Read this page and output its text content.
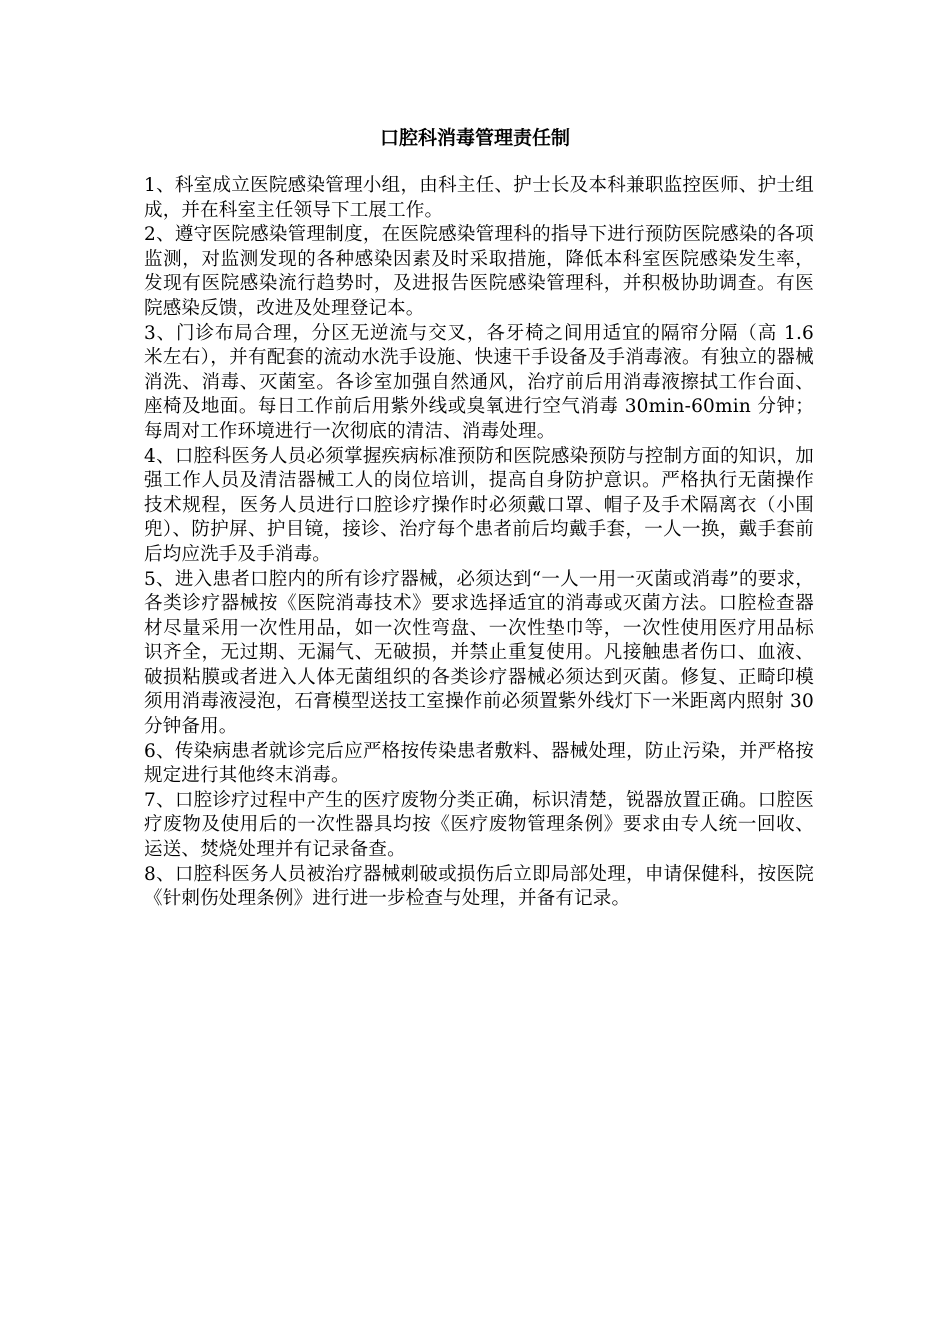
口腔科消毒管理责任制

1、科室成立医院感染管理小组，由科主任、护士长及本科兼职监控医师、护士组成，并在科室主任领导下工展工作。

2、遵守医院感染管理制度，在医院感染管理科的指导下进行预防医院感染的各项监测，对监测发现的各种感染因素及时采取措施，降低本科室医院感染发生率，发现有医院感染流行趋势时，及进报告医院感染管理科，并积极协助调查。有医院感染反馈，改进及处理登记本。

3、门诊布局合理，分区无逆流与交叉，各牙椅之间用适宜的隔帘分隔（高 1.6 米左右），并有配套的流动水洗手设施、快速干手设备及手消毒液。有独立的器械消洗、消毒、灭菌室。各诊室加强自然通风，治疗前后用消毒液擦拭工作台面、座椅及地面。每日工作前后用紫外线或臭氧进行空气消毒 30min-60min 分钟；每周对工作环境进行一次彻底的清洁、消毒处理。

4、口腔科医务人员必须掌握疾病标准预防和医院感染预防与控制方面的知识，加强工作人员及清洁器械工人的岗位培训，提高自身防护意识。严格执行无菌操作技术规程，医务人员进行口腔诊疗操作时必须戴口罩、帽子及手术隔离衣（小围兜）、防护屏、护目镜，接诊、治疗每个患者前后均戴手套，一人一换，戴手套前后均应洗手及手消毒。

5、进入患者口腔内的所有诊疗器械，必须达到“一人一用一灭菌或消毒”的要求，各类诊疗器械按《医院消毒技术》要求选择适宜的消毒或灭菌方法。口腔检查器材尽量采用一次性用品，如一次性弯盘、一次性垫巾等，一次性使用医疗用品标识齐全，无过期、无漏气、无破损，并禁止重复使用。凡接触患者伤口、血液、破损粘膜或者进入人体无菌组织的各类诊疗器械必须达到灭菌。修复、正畸印模须用消毒液浸泡，石膏模型送技工室操作前必须置紫外线灯下一米距离内照射 30 分钟备用。

6、传染病患者就诊完后应严格按传染患者敷料、器械处理，防止污染，并严格按规定进行其他终末消毒。

7、口腔诊疗过程中产生的医疗废物分类正确，标识清楚，锐器放置正确。口腔医疗废物及使用后的一次性器具均按《医疗废物管理条例》要求由专人统一回收、运送、焚烧处理并有记录备查。

8、口腔科医务人员被治疗器械刺破或损伤后立即局部处理，申请保健科，按医院《针刺伤处理条例》进行进一步检查与处理，并备有记录。
